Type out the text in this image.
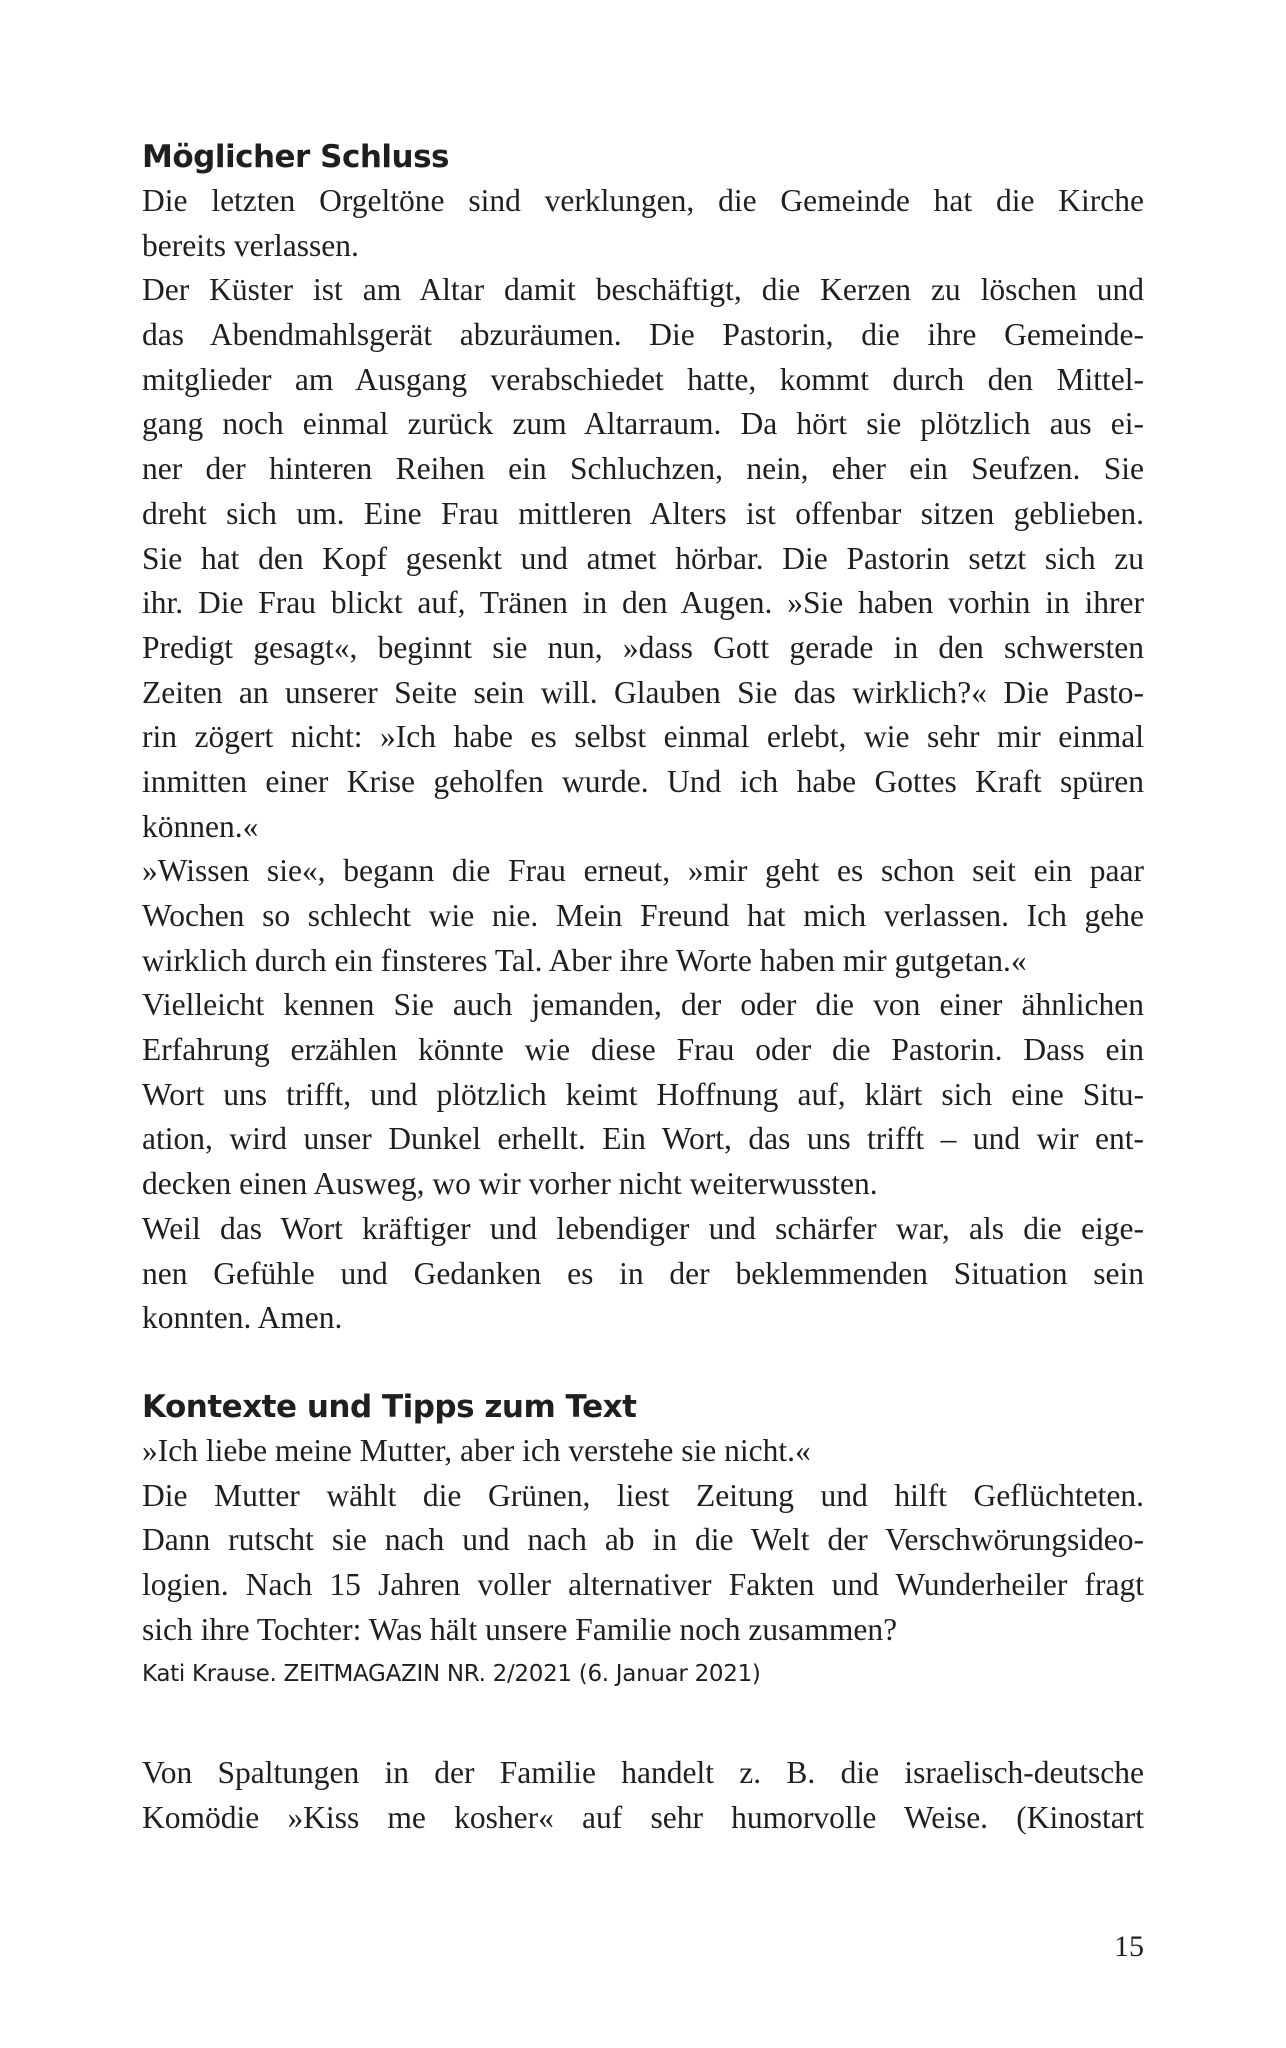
Möglicher Schluss

Die letzten Orgeltöne sind verklungen, die Gemeinde hat die Kirche
bereits verlassen.
Der Küster ist am Altar damit beschäftigt, die Kerzen zu löschen und
das Abendmahlsgerät abzuräumen. Die Pastorin, die ihre Gemeinde-
mitglieder am Ausgang verabschiedet hatte, kommt durch den Mittel-
gang noch einmal zurück zum Altarraum. Da hört sie plötzlich aus ei-
ner der hinteren Reihen ein Schluchzen, nein, eher ein Seufzen. Sie
dreht sich um. Eine Frau mittleren Alters ist offenbar sitzen geblieben.
Sie hat den Kopf gesenkt und atmet hörbar. Die Pastorin setzt sich zu
ihr. Die Frau blickt auf, Tränen in den Augen. »Sie haben vorhin in ihrer
Predigt gesagt«, beginnt sie nun, »dass Gott gerade in den schwersten
Zeiten an unserer Seite sein will. Glauben Sie das wirklich?« Die Pasto-
rin zögert nicht: »Ich habe es selbst einmal erlebt, wie sehr mir einmal
inmitten einer Krise geholfen wurde. Und ich habe Gottes Kraft spüren
können.«
»Wissen sie«, begann die Frau erneut, »mir geht es schon seit ein paar
Wochen so schlecht wie nie. Mein Freund hat mich verlassen. Ich gehe
wirklich durch ein finsteres Tal. Aber ihre Worte haben mir gutgetan.«
Vielleicht kennen Sie auch jemanden, der oder die von einer ähnlichen
Erfahrung erzählen könnte wie diese Frau oder die Pastorin. Dass ein
Wort uns trifft, und plötzlich keimt Hoffnung auf, klärt sich eine Situ-
ation, wird unser Dunkel erhellt. Ein Wort, das uns trifft – und wir ent-
decken einen Ausweg, wo wir vorher nicht weiterwussten.
Weil das Wort kräftiger und lebendiger und schärfer war, als die eige-
nen Gefühle und Gedanken es in der beklemmenden Situation sein
konnten. Amen.

Kontexte und Tipps zum Text

»Ich liebe meine Mutter, aber ich verstehe sie nicht.«
Die Mutter wählt die Grünen, liest Zeitung und hilft Geflüchteten.
Dann rutscht sie nach und nach ab in die Welt der Verschwörungsideo-
logien. Nach 15 Jahren voller alternativer Fakten und Wunderheiler fragt
sich ihre Tochter: Was hält unsere Familie noch zusammen?

Kati Krause. ZEITMAGAZIN NR. 2/2021 (6. Januar 2021)

Von Spaltungen in der Familie handelt z. B. die israelisch-deutsche
Komödie »Kiss me kosher« auf sehr humorvolle Weise. (Kinostart

15
